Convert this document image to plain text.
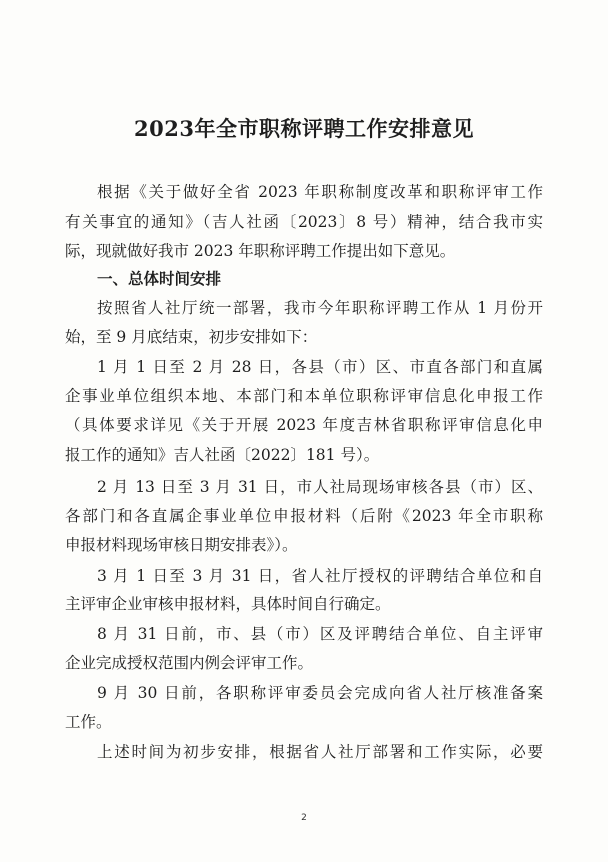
2023年全市职称评聘工作安排意见
根据《关于做好全省 2023 年职称制度改革和职称评审工作
有关事宜的通知》（吉人社函〔2023〕8 号）精神，结合我市实
际，现就做好我市 2023 年职称评聘工作提出如下意见。
一、总体时间安排
按照省人社厅统一部署，我市今年职称评聘工作从 1 月份开
始，至 9 月底结束，初步安排如下：
1 月 1 日至 2 月 28 日，各县（市）区、市直各部门和直属
企事业单位组织本地、本部门和本单位职称评审信息化申报工作
（具体要求详见《关于开展 2023 年度吉林省职称评审信息化申
报工作的通知》吉人社函〔2022〕181 号）。
2 月 13 日至 3 月 31 日，市人社局现场审核各县（市）区、
各部门和各直属企事业单位申报材料（后附《2023 年全市职称
申报材料现场审核日期安排表》）。
3 月 1 日至 3 月 31 日，省人社厅授权的评聘结合单位和自
主评审企业审核申报材料，具体时间自行确定。
8 月 31 日前，市、县（市）区及评聘结合单位、自主评审
企业完成授权范围内例会评审工作。
9 月 30 日前，各职称评审委员会完成向省人社厅核准备案
工作。
上述时间为初步安排，根据省人社厅部署和工作实际，必要
2
